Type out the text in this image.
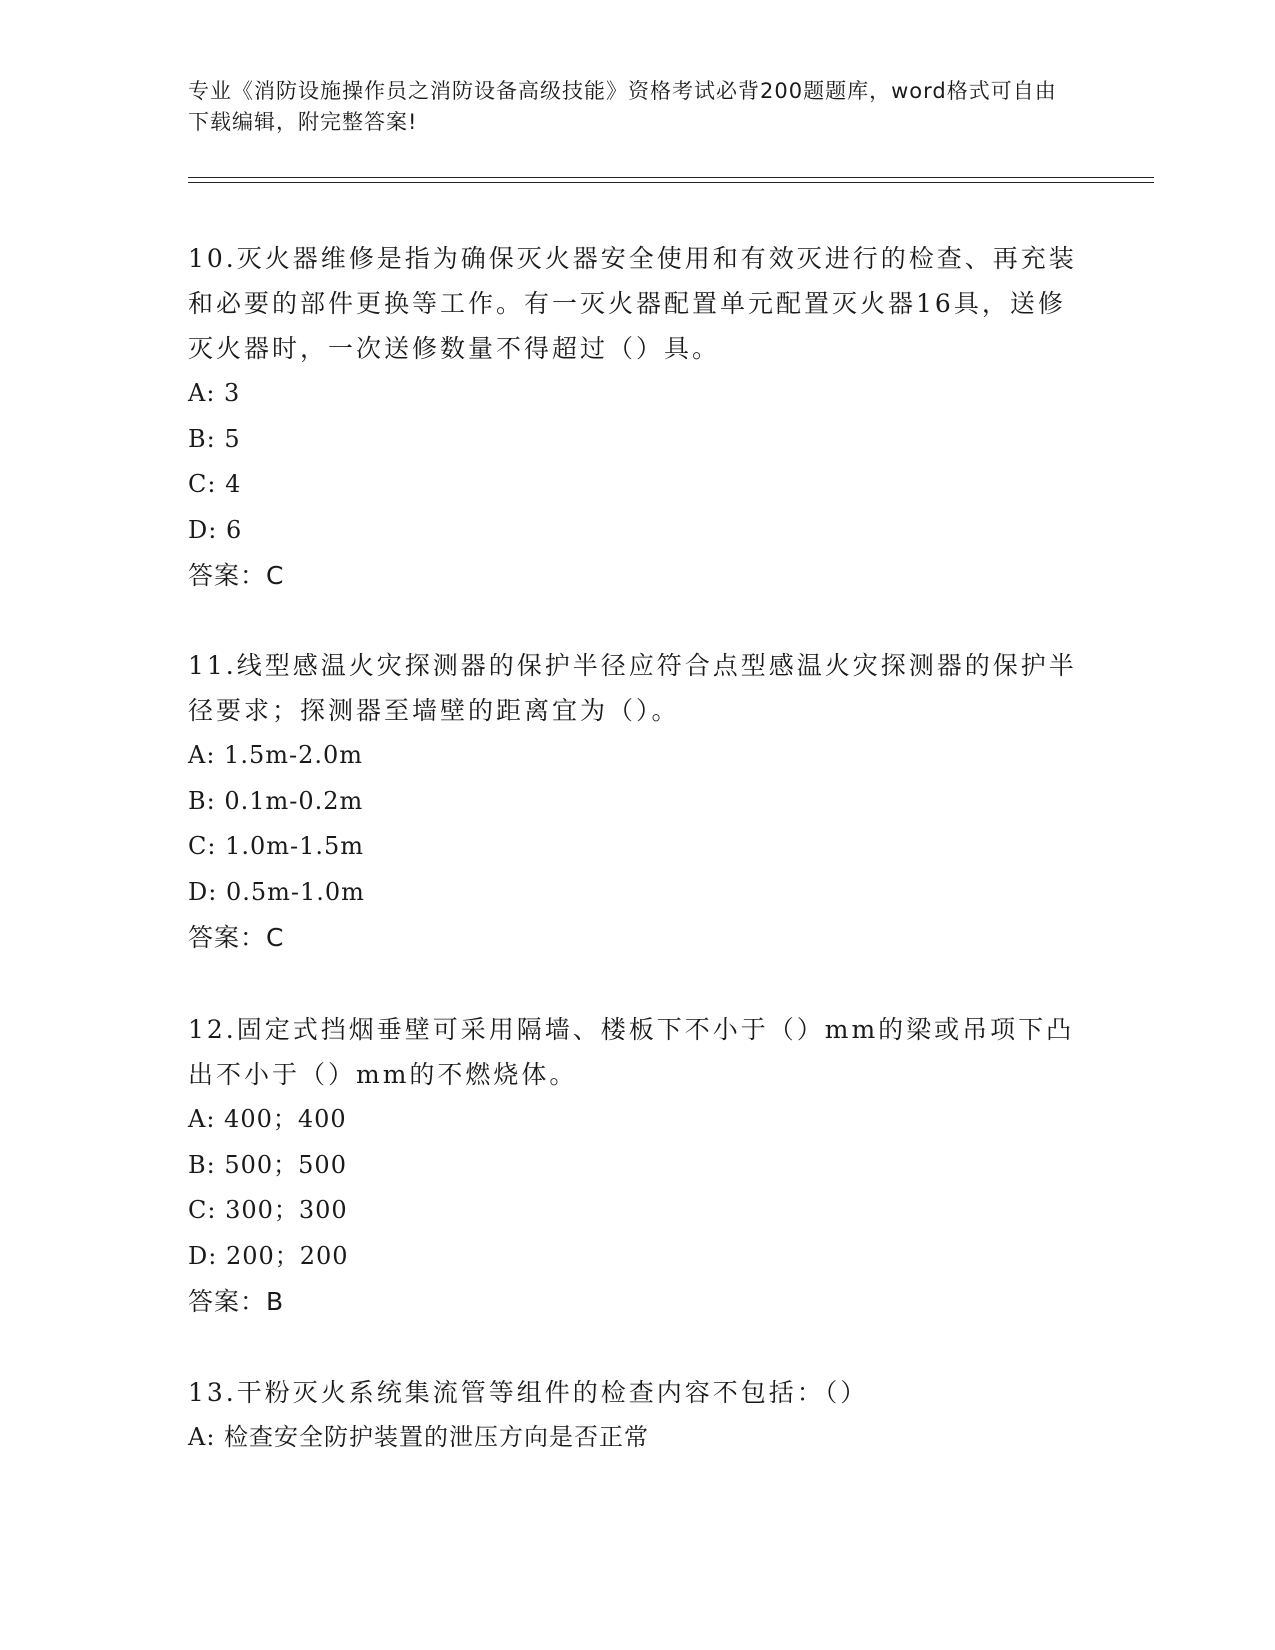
专业《消防设施操作员之消防设备高级技能》资格考试必背200题题库，word格式可自由下载编辑，附完整答案!

10.灭火器维修是指为确保灭火器安全使用和有效灭进行的检查、再充装和必要的部件更换等工作。有一灭火器配置单元配置灭火器16具，送修灭火器时，一次送修数量不得超过（）具。

A: 3
B: 5
C: 4
D: 6
答案：C

11.线型感温火灾探测器的保护半径应符合点型感温火灾探测器的保护半径要求；探测器至墙壁的距离宜为（）。

A: 1.5m-2.0m
B: 0.1m-0.2m
C: 1.0m-1.5m
D: 0.5m-1.0m
答案：C

12.固定式挡烟垂壁可采用隔墙、楼板下不小于（）mm的梁或吊项下凸出不小于（）mm的不燃烧体。

A: 400；400
B: 500；500
C: 300；300
D: 200；200
答案：B

13.干粉灭火系统集流管等组件的检查内容不包括：（）

A: 检查安全防护装置的泄压方向是否正常
